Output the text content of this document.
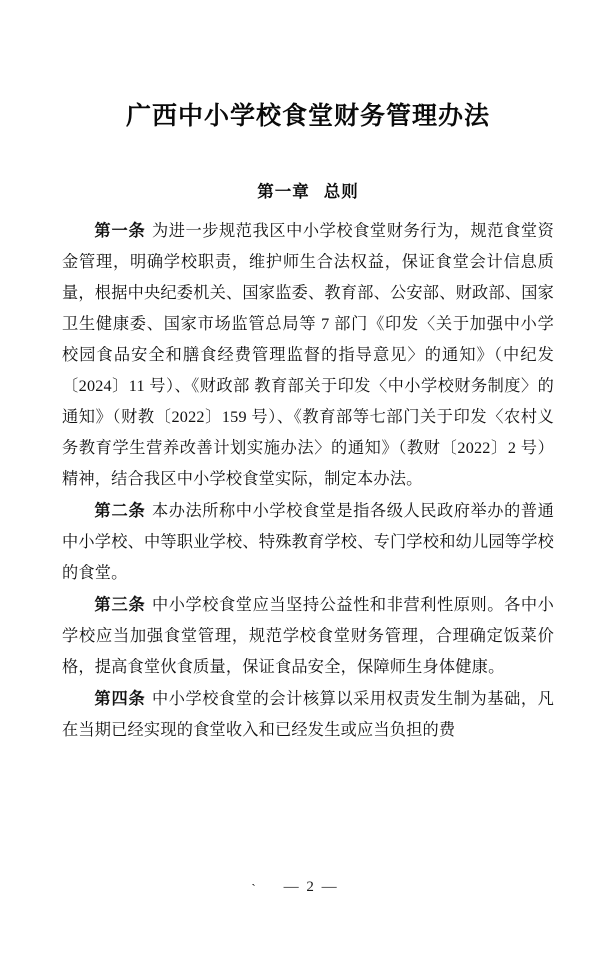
广西中小学校食堂财务管理办法
第一章 总则

第一条 为进一步规范我区中小学校食堂财务行为，规范食堂资金管理，明确学校职责，维护师生合法权益，保证食堂会计信息质量，根据中央纪委机关、国家监委、教育部、公安部、财政部、国家卫生健康委、国家市场监管总局等 7 部门《印发〈关于加强中小学校园食品安全和膳食经费管理监督的指导意见〉的通知》（中纪发〔2024〕11 号）、《财政部 教育部关于印发〈中小学校财务制度〉的通知》（财教〔2022〕159 号）、《教育部等七部门关于印发〈农村义务教育学生营养改善计划实施办法〉的通知》（教财〔2022〕2 号）精神，结合我区中小学校食堂实际，制定本办法。

第二条 本办法所称中小学校食堂是指各级人民政府举办的普通中小学校、中等职业学校、特殊教育学校、专门学校和幼儿园等学校的食堂。

第三条 中小学校食堂应当坚持公益性和非营利性原则。各中小学校应当加强食堂管理，规范学校食堂财务管理，合理确定饭菜价格，提高食堂伙食质量，保证食品安全，保障师生身体健康。

第四条 中小学校食堂的会计核算以采用权责发生制为基础，凡在当期已经实现的食堂收入和已经发生或应当负担的费

` — 2 —
